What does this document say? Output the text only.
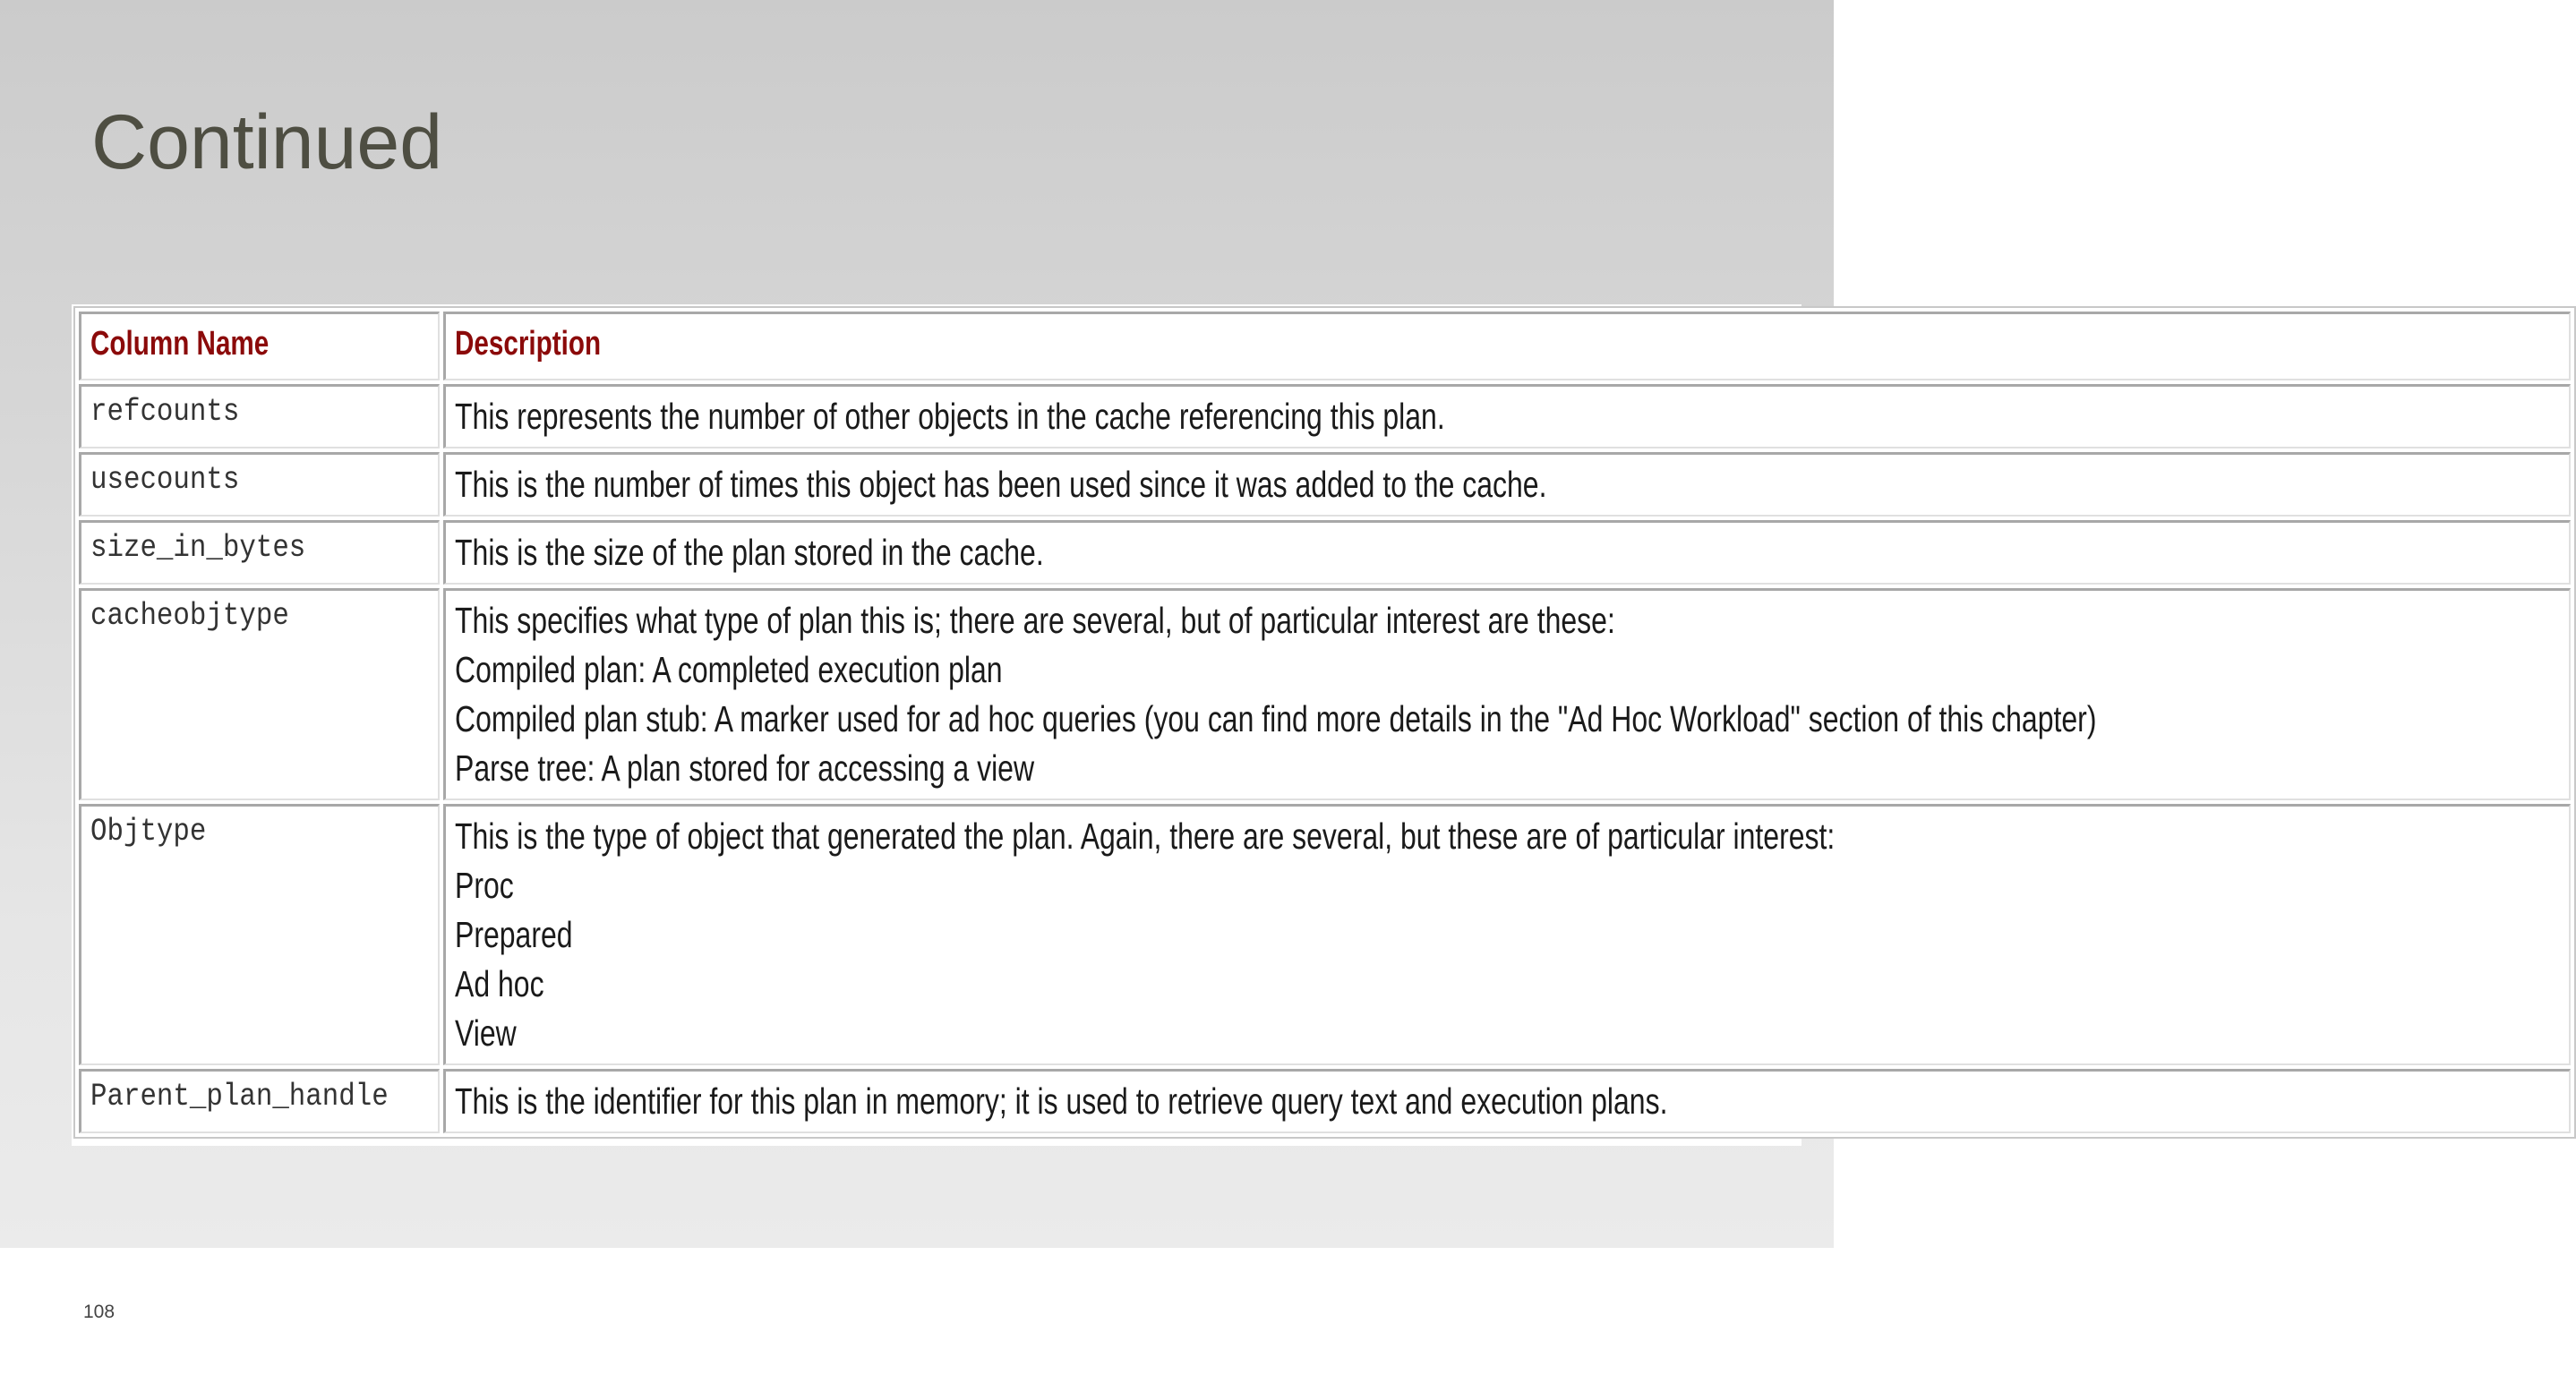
Continued
Column Name	Description
refcounts	This represents the number of other objects in the cache referencing this plan.

usecounts	This is the number of times this object has been used since it was added to the cache.

size_in_bytes	This is the size of the plan stored in the cache.

cacheobjtype	This specifies what type of plan this is; there are several, but of particular interest are these:
Compiled plan: A completed execution plan
Compiled plan stub: A marker used for ad hoc queries (you can find more details in the "Ad Hoc Workload" section of this chapter)
Parse tree: A plan stored for accessing a view

Objtype	This is the type of object that generated the plan. Again, there are several, but these are of particular interest:
Proc
Prepared
Ad hoc
View

Parent_plan_handle	This is the identifier for this plan in memory; it is used to retrieve query text and execution plans.
108
